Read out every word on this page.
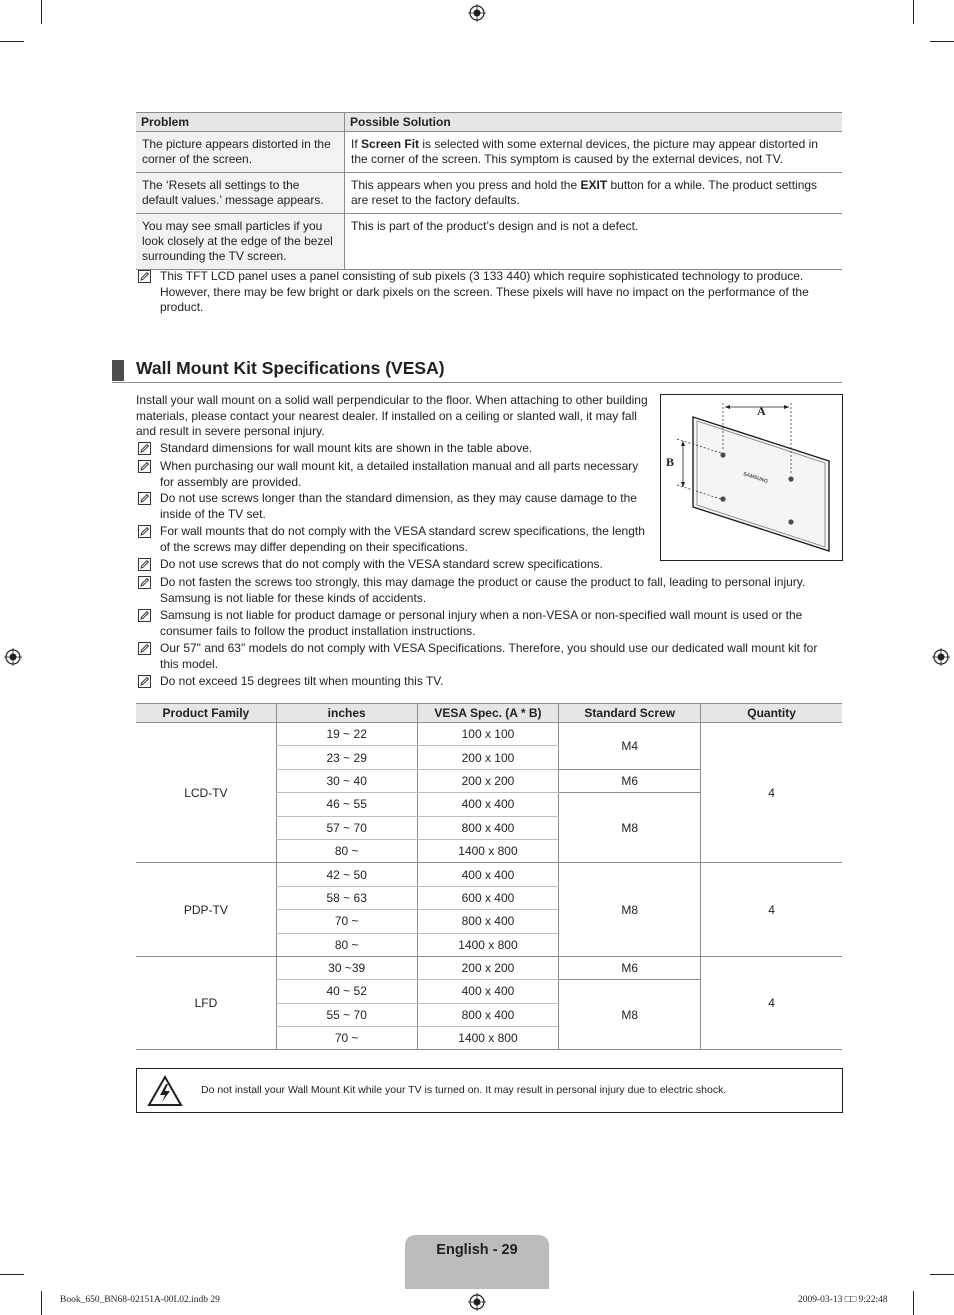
Problem	Possible Solution
The picture appears distorted in the corner of the screen.	If Screen Fit is selected with some external devices, the picture may appear distorted in the corner of the screen. This symptom is caused by the external devices, not TV.
The ‘Resets all settings to the default values.’ message appears.	This appears when you press and hold the EXIT button for a while. The product settings are reset to the factory defaults.
You may see small particles if you look closely at the edge of the bezel surrounding the TV screen.	This is part of the product’s design and is not a defect.
This TFT LCD panel uses a panel consisting of sub pixels (3 133 440) which require sophisticated technology to produce. However, there may be few bright or dark pixels on the screen. These pixels will have no impact on the performance of the product.
Wall Mount Kit Specifications (VESA)
Install your wall mount on a solid wall perpendicular to the floor. When attaching to other building materials, please contact your nearest dealer. If installed on a ceiling or slanted wall, it may fall and result in severe personal injury.
Standard dimensions for wall mount kits are shown in the table above.
When purchasing our wall mount kit, a detailed installation manual and all parts necessary for assembly are provided.
Do not use screws longer than the standard dimension, as they may cause damage to the inside of the TV set.
For wall mounts that do not comply with the VESA standard screw specifications, the length of the screws may differ depending on their specifications.
Do not use screws that do not comply with the VESA standard screw specifications.
Do not fasten the screws too strongly, this may damage the product or cause the product to fall, leading to personal injury. Samsung is not liable for these kinds of accidents.
Samsung is not liable for product damage or personal injury when a non-VESA or non-specified wall mount is used or the consumer fails to follow the product installation instructions.
Our 57" and 63" models do not comply with VESA Specifications. Therefore, you should use our dedicated wall mount kit for this model.
Do not exceed 15 degrees tilt when mounting this TV.
A
B
SAMSUNG
Product Family	inches	VESA Spec. (A * B)	Standard Screw	Quantity
LCD-TV	19 ~ 22	100 x 100	M4	4
	23 ~ 29	200 x 100		
	30 ~ 40	200 x 200	M6	
	46 ~ 55	400 x 400	M8	
	57 ~ 70	800 x 400		
	80 ~	1400 x 800		
PDP-TV	42 ~ 50	400 x 400	M8	4
	58 ~ 63	600 x 400		
	70 ~	800 x 400		
	80 ~	1400 x 800		
LFD	30 ~39	200 x 200	M6	4
	40 ~ 52	400 x 400	M8	
	55 ~ 70	800 x 400		
	70 ~	1400 x 800		
Do not install your Wall Mount Kit while your TV is turned on. It may result in personal injury due to electric shock.
English - 29
Book_650_BN68-02151A-00L02.indb 29	2009-03-13 □□ 9:22:48
